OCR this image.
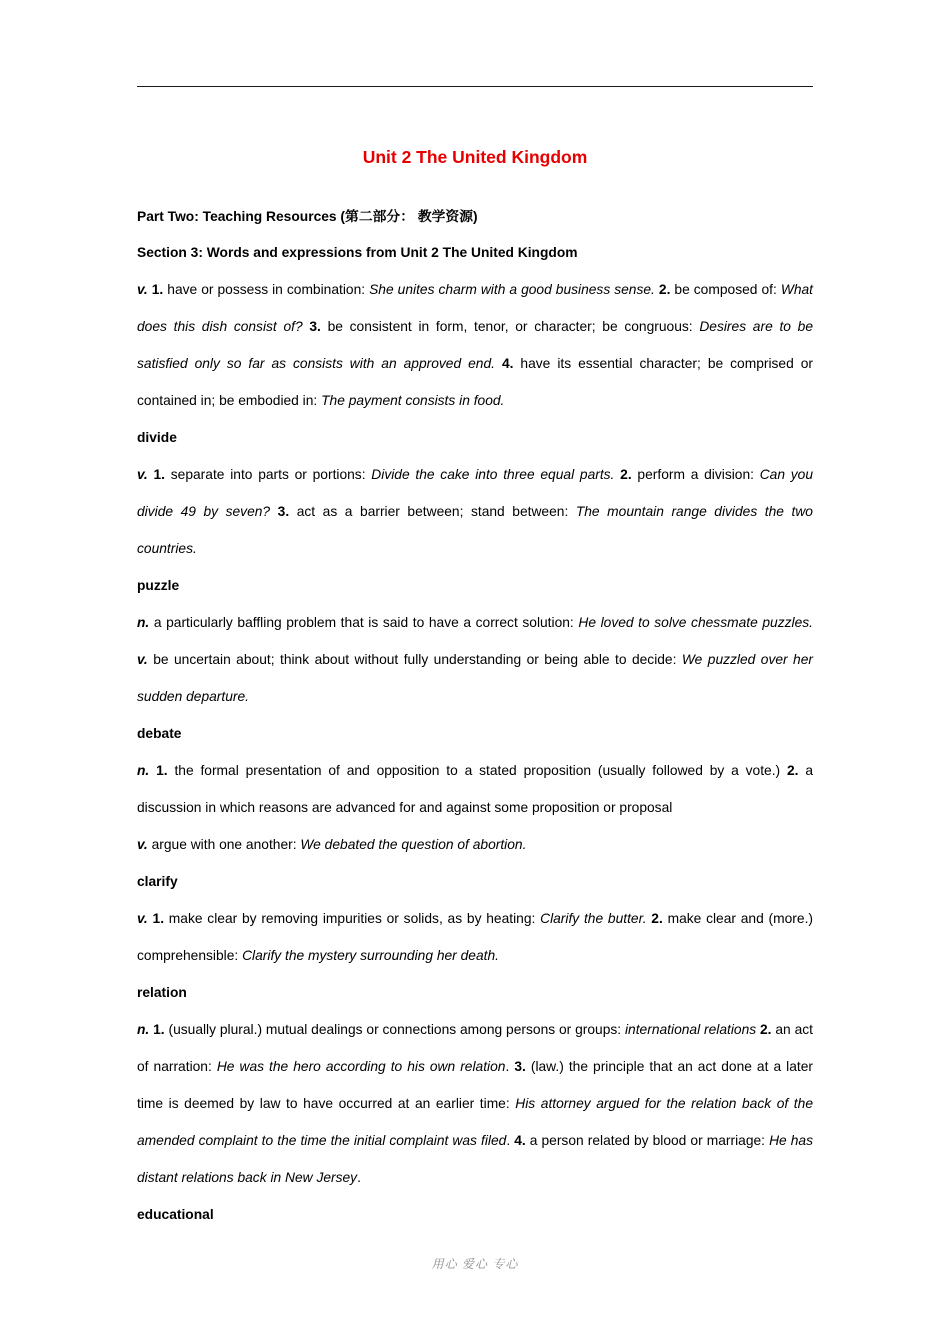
Unit 2 The United Kingdom

Part Two: Teaching Resources (第二部分： 教学资源)

Section 3: Words and expressions from Unit 2 The United Kingdom

v. 1. have or possess in combination: She unites charm with a good business sense. 2. be composed of: What does this dish consist of? 3. be consistent in form, tenor, or character; be congruous: Desires are to be satisfied only so far as consists with an approved end. 4. have its essential character; be comprised or contained in; be embodied in: The payment consists in food.

divide

v. 1. separate into parts or portions: Divide the cake into three equal parts. 2. perform a division: Can you divide 49 by seven? 3. act as a barrier between; stand between: The mountain range divides the two countries.

puzzle

n. a particularly baffling problem that is said to have a correct solution: He loved to solve chessmate puzzles. v. be uncertain about; think about without fully understanding or being able to decide: We puzzled over her sudden departure.

debate

n. 1. the formal presentation of and opposition to a stated proposition (usually followed by a vote.) 2. a discussion in which reasons are advanced for and against some proposition or proposal

v. argue with one another: We debated the question of abortion.

clarify

v. 1. make clear by removing impurities or solids, as by heating: Clarify the butter. 2. make clear and (more.) comprehensible: Clarify the mystery surrounding her death.

relation

n. 1. (usually plural.) mutual dealings or connections among persons or groups: international relations 2. an act of narration: He was the hero according to his own relation. 3. (law.) the principle that an act done at a later time is deemed by law to have occurred at an earlier time: His attorney argued for the relation back of the amended complaint to the time the initial complaint was filed. 4. a person related by blood or marriage: He has distant relations back in New Jersey.

educational

用心 爱心 专心
